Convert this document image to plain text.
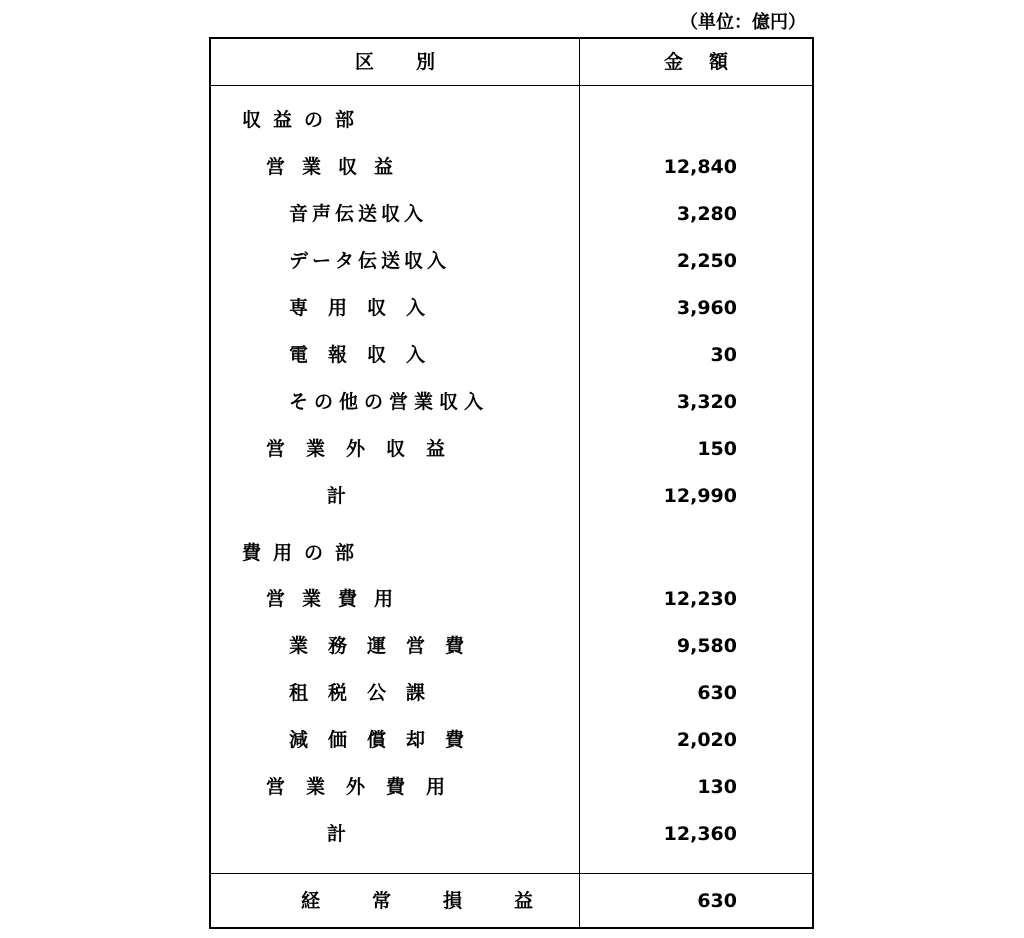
（単位：億円）
区別	金額
収益の部
営業収益	12,840
音声伝送収入	3,280
データ伝送収入	2,250
専用収入	3,960
電報収入	30
その他の営業収入	3,320
営業外収益	150
計	12,990
費用の部
営業費用	12,230
業務運営費	9,580
租税公課	630
減価償却費	2,020
営業外費用	130
計	12,360
経常損益	630
